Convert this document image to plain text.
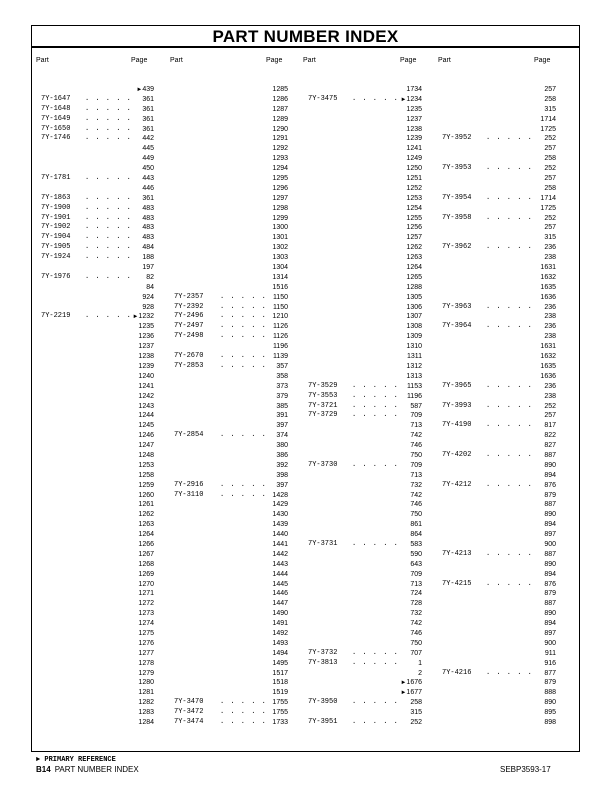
PART NUMBER INDEX
Part	Page	Part	Page	Part	Page	Part	Page
►439
7Y-1647 . . . . . 361
7Y-1648 . . . . . 361
7Y-1649 . . . . . 361
7Y-1650 . . . . . 361
7Y-1746 . . . . . 442
445
449
450
7Y-1781 . . . . . 443
446
7Y-1863 . . . . . 361
7Y-1900 . . . . . 483
7Y-1901 . . . . . 483
7Y-1902 . . . . . 483
7Y-1904 . . . . . 483
7Y-1905 . . . . . 484
7Y-1924 . . . . . 188
197
7Y-1976 . . . . . 82
84
924
928
7Y-2219 . . . . . ►1232
1235
1236
1237
1238
1239
1240
1241
1242
1243
1244
1245
1246
1247
1248
1253
1258
1259
1260
1261
1262
1263
1264
1266
1267
1268
1269
1270
1271
1272
1273
1274
1275
1276
1277
1278
1279
1280
1281
1282
1283
1284
1285
1286
1287
1289
1290
1291
1292
1293
1294
1295
1296
1297
1298
1299
1300
1301
1302
1303
1304
1314
1516
7Y-2357 . . . . . 1150
7Y-2392 . . . . . 1150
7Y-2496 . . . . . 1210
7Y-2497 . . . . . 1126
7Y-2498 . . . . . 1126
1196
7Y-2670 . . . . . 1139
7Y-2853 . . . . . 357
358
373
379
385
391
397
7Y-2854 . . . . . 374
380
386
392
398
7Y-2916 . . . . . 397
7Y-3110 . . . . . 1428
1429
1430
1439
1440
1441
1442
1443
1444
1445
1446
1447
1490
1491
1492
1493
1494
1495
1517
1518
1519
7Y-3470 . . . . . 1755
7Y-3472 . . . . . 1755
7Y-3474 . . . . . 1733
1734
7Y-3475 . . . . . ►1234
1235
1237
1238
1239
1241
1249
1250
1251
1252
1253
1254
1255
1256
1257
1262
1263
1264
1265
1288
1305
1306
1307
1308
1309
1310
1311
1312
1313
7Y-3529 . . . . . 1153
7Y-3553 . . . . . 1196
7Y-3721 . . . . . 587
7Y-3729 . . . . . 709
713
742
746
750
7Y-3730 . . . . . 709
713
732
742
746
750
861
864
7Y-3731 . . . . . 583
590
643
709
713
724
728
732
742
746
750
7Y-3732 . . . . . 707
7Y-3813 . . . . .	1
2
►1676
►1677
7Y-3950 . . . . . 258
315
7Y-3951 . . . . . 252
257
258
315
1714
1725
7Y-3952 . . . . . 252
257
258
7Y-3953 . . . . . 252
257
258
7Y-3954 . . . . . 1714
1725
7Y-3958 . . . . . 252
257
315
7Y-3962 . . . . . 236
238
1631
1632
1635
1636
7Y-3963 . . . . . 236
238
7Y-3964 . . . . . 236
238
1631
1632
1635
1636
7Y-3965 . . . . . 236
238
7Y-3993 . . . . . 252
257
7Y-4190 . . . . . 817
822
827
7Y-4202 . . . . . 887
890
894
7Y-4212 . . . . . 876
879
887
890
894
897
900
7Y-4213 . . . . . 887
890
894
7Y-4215 . . . . . 876
879
887
890
894
897
900
911
916
7Y-4216 . . . . . 877
879
888
890
895
898
► PRIMARY REFERENCE
B14 PART NUMBER INDEX	SEBP3593-17
